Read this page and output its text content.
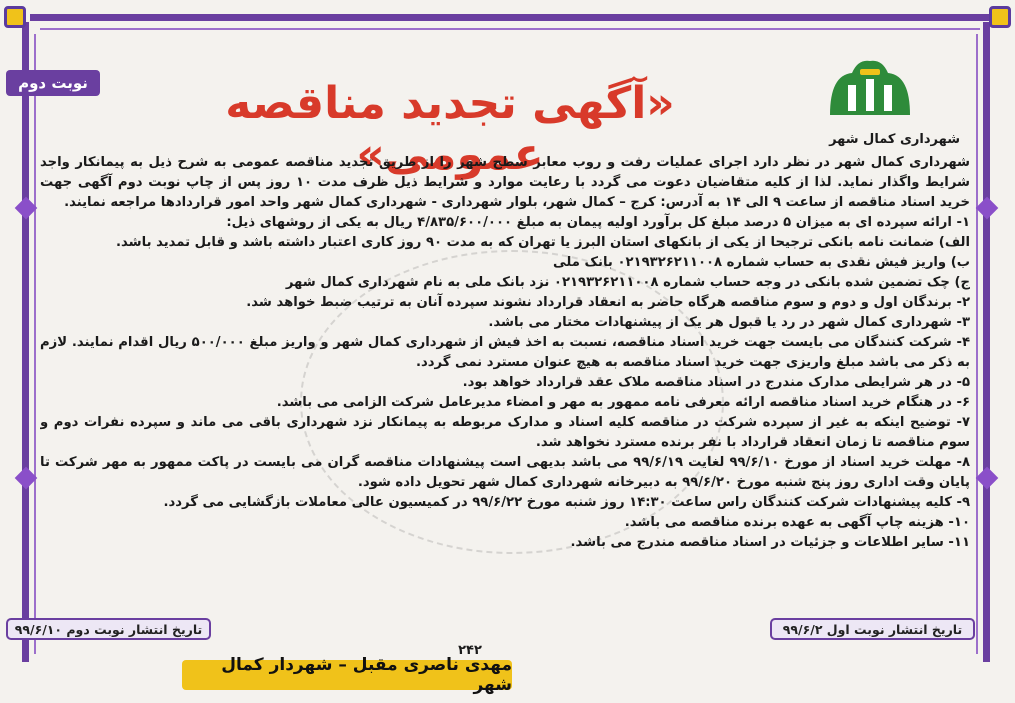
نوبت دوم	«آگهی تجدید مناقصه عمومی»	شهرداری کمال شهر

شهرداری کمال شهر در نظر دارد اجرای عملیات رفت و روب معابر سطح شهر را از طریق تجدید مناقصه عمومی به شرح ذیل به پیمانکار واجد شرایط واگذار نماید. لذا از کلیه متقاضیان دعوت می گردد با رعایت موارد و شرایط ذیل ظرف مدت ۱۰ روز پس از چاپ نوبت دوم آگهی جهت خرید اسناد مناقصه از ساعت ۹ الی ۱۴ به آدرس: کرج – کمال شهر، بلوار شهرداری - شهرداری کمال شهر واحد امور قراردادها مراجعه نمایند.

۱- ارائه سپرده ای به میزان ۵ درصد مبلغ کل برآورد اولیه پیمان به مبلغ ۴/۸۳۵/۶۰۰/۰۰۰ ریال به یکی از روشهای ذیل:

الف) ضمانت نامه بانکی ترجیحا از یکی از بانکهای استان البرز یا تهران که به مدت ۹۰ روز کاری اعتبار داشته باشد و قابل تمدید باشد.

ب) واریز فیش نقدی به حساب شماره ۰۲۱۹۳۲۶۲۱۱۰۰۸ بانک ملی

ج) چک تضمین شده بانکی در وجه حساب شماره ۰۲۱۹۳۲۶۲۱۱۰۰۸ نزد بانک ملی به نام شهرداری کمال شهر

۲- برندگان اول و دوم و سوم مناقصه هرگاه حاضر به انعقاد قرارداد نشوند سپرده آنان به ترتیب ضبط خواهد شد.

۳- شهرداری کمال شهر در رد یا قبول هر یک از پیشنهادات مختار می باشد.

۴- شرکت کنندگان می بایست جهت خرید اسناد مناقصه، نسبت به اخذ فیش از شهرداری کمال شهر و واریز مبلغ ۵۰۰/۰۰۰ ریال اقدام نمایند. لازم به ذکر می باشد مبلغ واریزی جهت خرید اسناد مناقصه به هیچ عنوان مسترد نمی گردد.

۵- در هر شرایطی مدارک مندرج در اسناد مناقصه ملاک عقد قرارداد خواهد بود.

۶- در هنگام خرید اسناد مناقصه ارائه معرفی نامه ممهور به مهر و امضاء مدیرعامل شرکت الزامی می باشد.

۷- توضیح اینکه به غیر از سپرده شرکت در مناقصه کلیه اسناد و مدارک مربوطه به پیمانکار نزد شهرداری باقی می ماند و سپرده نفرات دوم و سوم مناقصه تا زمان انعقاد قرارداد با نفر برنده مسترد نخواهد شد.

۸- مهلت خرید اسناد از مورخ ۹۹/۶/۱۰ لغایت ۹۹/۶/۱۹ می باشد بدیهی است پیشنهادات مناقصه گران می بایست در پاکت ممهور به مهر شرکت تا پایان وقت اداری روز پنج شنبه مورخ ۹۹/۶/۲۰ به دبیرخانه شهرداری کمال شهر تحویل داده شود.

۹- کلیه پیشنهادات شرکت کنندگان راس ساعت ۱۴:۳۰ روز شنبه مورخ ۹۹/۶/۲۲ در کمیسیون عالی معاملات بازگشایی می گردد.

۱۰- هزینه چاپ آگهی به عهده برنده مناقصه می باشد.

۱۱- سایر اطلاعات و جزئیات در اسناد مناقصه مندرج می باشد.

تاریخ انتشار نوبت اول ۹۹/۶/۲
تاریخ انتشار نوبت دوم ۹۹/۶/۱۰
۲۴۲
مهدی ناصری مقبل – شهردار کمال شهر
